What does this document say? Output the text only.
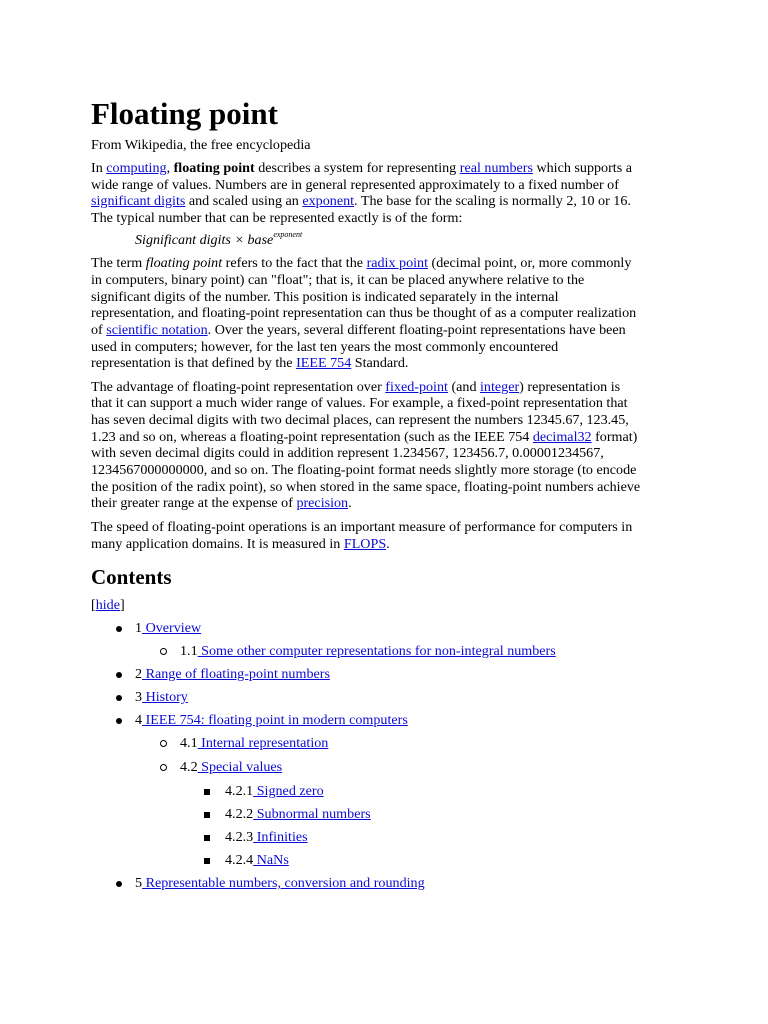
Floating point
From Wikipedia, the free encyclopedia
In computing, floating point describes a system for representing real numbers which supports a
wide range of values. Numbers are in general represented approximately to a fixed number of
significant digits and scaled using an exponent. The base for the scaling is normally 2, 10 or 16.
The typical number that can be represented exactly is of the form:
Significant digits × base$^{exponent}$
The term floating point refers to the fact that the radix point (decimal point, or, more commonly
in computers, binary point) can "float"; that is, it can be placed anywhere relative to the
significant digits of the number. This position is indicated separately in the internal
representation, and floating-point representation can thus be thought of as a computer realization
of scientific notation. Over the years, several different floating-point representations have been
used in computers; however, for the last ten years the most commonly encountered
representation is that defined by the IEEE 754 Standard.
The advantage of floating-point representation over fixed-point (and integer) representation is
that it can support a much wider range of values. For example, a fixed-point representation that
has seven decimal digits with two decimal places, can represent the numbers 12345.67, 123.45,
1.23 and so on, whereas a floating-point representation (such as the IEEE 754 decimal32 format)
with seven decimal digits could in addition represent 1.234567, 123456.7, 0.00001234567,
1234567000000000, and so on. The floating-point format needs slightly more storage (to encode
the position of the radix point), so when stored in the same space, floating-point numbers achieve
their greater range at the expense of precision.
The speed of floating-point operations is an important measure of performance for computers in
many application domains. It is measured in FLOPS.
Contents
[hide]
1 Overview
1.1 Some other computer representations for non-integral numbers
2 Range of floating-point numbers
3 History
4 IEEE 754: floating point in modern computers
4.1 Internal representation
4.2 Special values
4.2.1 Signed zero
4.2.2 Subnormal numbers
4.2.3 Infinities
4.2.4 NaNs
5 Representable numbers, conversion and rounding
